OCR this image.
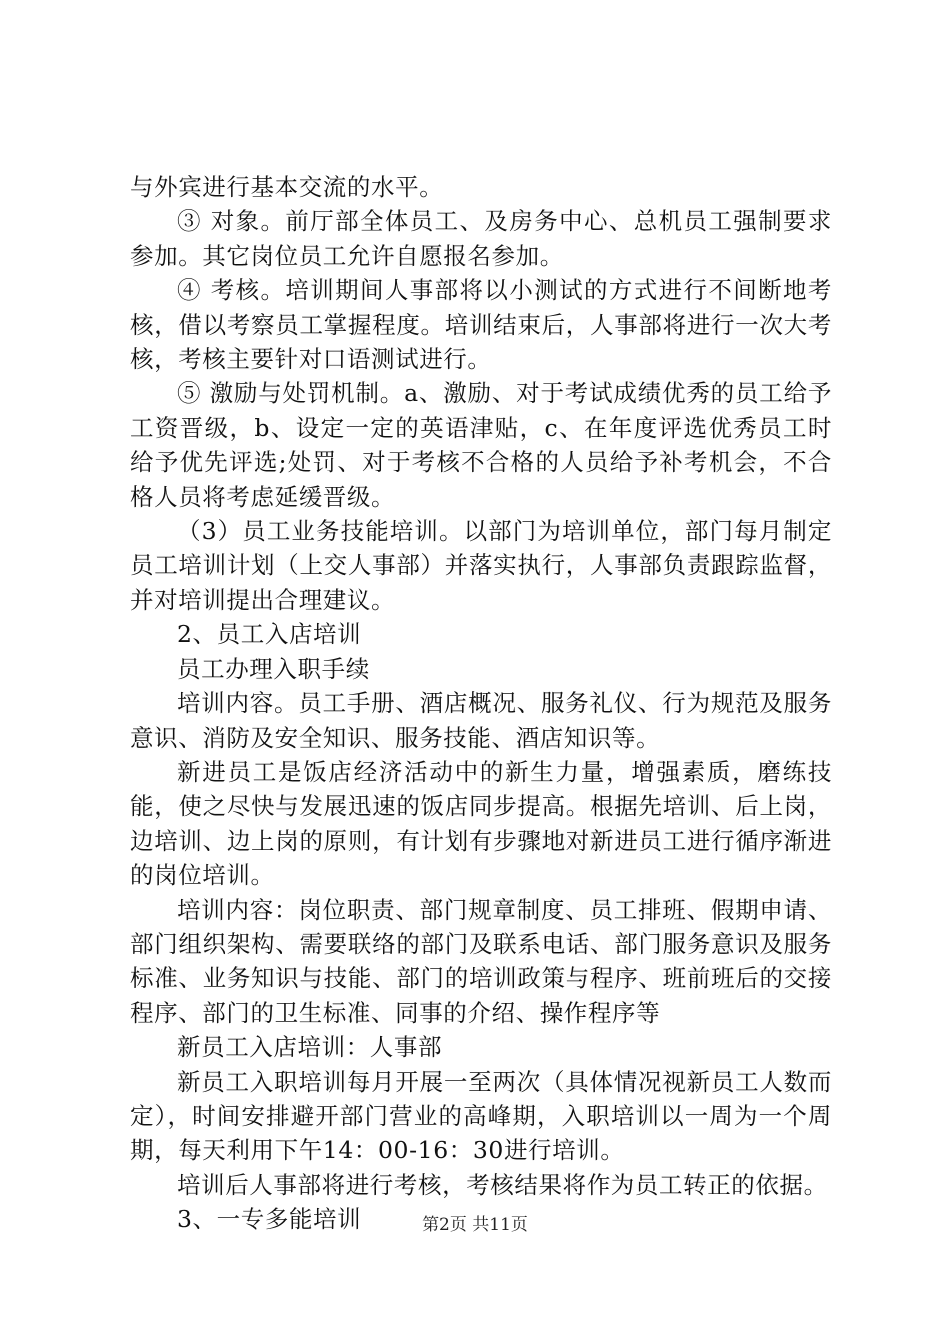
与外宾进行基本交流的水平。

③ 对象。前厅部全体员工、及房务中心、总机员工强制要求参加。其它岗位员工允许自愿报名参加。

④ 考核。培训期间人事部将以小测试的方式进行不间断地考核，借以考察员工掌握程度。培训结束后，人事部将进行一次大考核，考核主要针对口语测试进行。

⑤ 激励与处罚机制。a、激励、对于考试成绩优秀的员工给予工资晋级，b、设定一定的英语津贴，c、在年度评选优秀员工时给予优先评选;处罚、对于考核不合格的人员给予补考机会，不合格人员将考虑延缓晋级。

（3）员工业务技能培训。以部门为培训单位，部门每月制定员工培训计划（上交人事部）并落实执行，人事部负责跟踪监督，并对培训提出合理建议。

2、员工入店培训

员工办理入职手续

培训内容。员工手册、酒店概况、服务礼仪、行为规范及服务意识、消防及安全知识、服务技能、酒店知识等。

新进员工是饭店经济活动中的新生力量，增强素质，磨练技能，使之尽快与发展迅速的饭店同步提高。根据先培训、后上岗，边培训、边上岗的原则，有计划有步骤地对新进员工进行循序渐进的岗位培训。

培训内容：岗位职责、部门规章制度、员工排班、假期申请、部门组织架构、需要联络的部门及联系电话、部门服务意识及服务标准、业务知识与技能、部门的培训政策与程序、班前班后的交接程序、部门的卫生标准、同事的介绍、操作程序等

新员工入店培训：人事部

新员工入职培训每月开展一至两次（具体情况视新员工人数而定），时间安排避开部门营业的高峰期，入职培训以一周为一个周期，每天利用下午14：00-16：30进行培训。

培训后人事部将进行考核，考核结果将作为员工转正的依据。

3、一专多能培训	第2页 共11页
